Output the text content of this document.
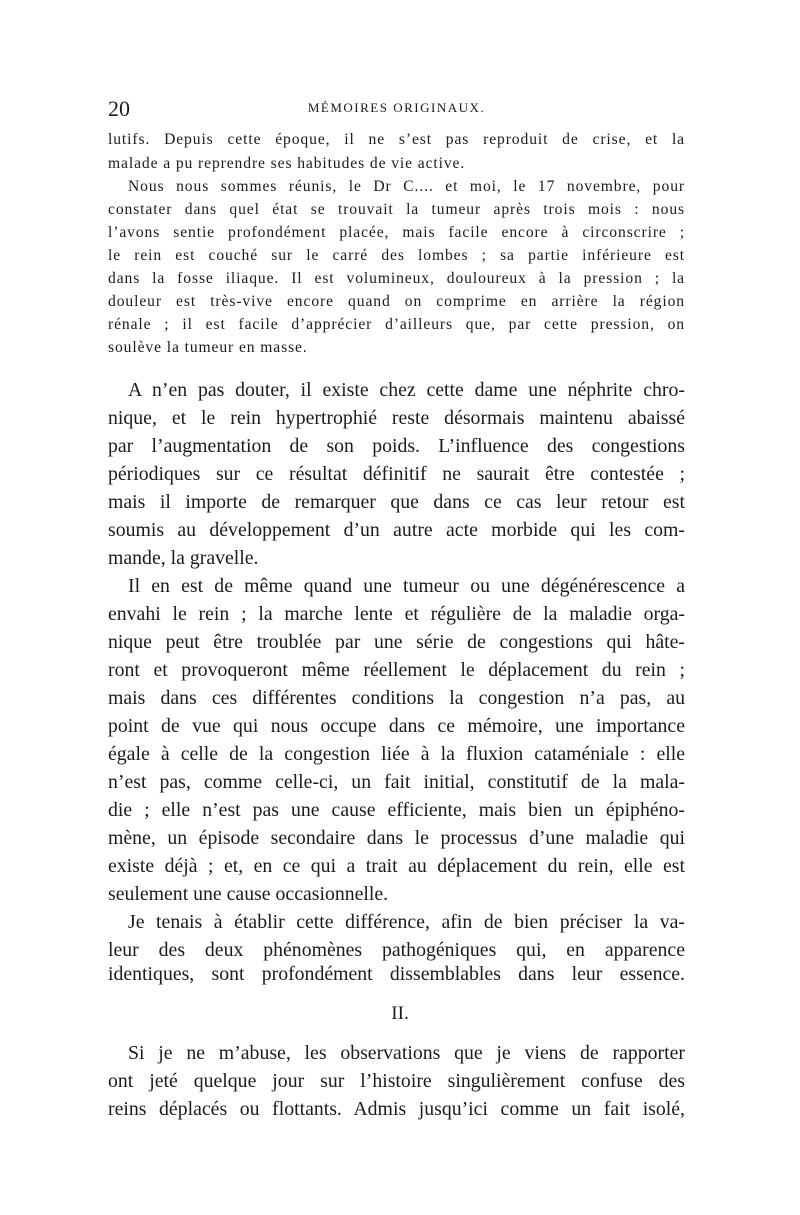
20	MÉMOIRES ORIGINAUX.
lutifs. Depuis cette époque, il ne s’est pas reproduit de crise, et la
malade a pu reprendre ses habitudes de vie active.
Nous nous sommes réunis, le Dr C.... et moi, le 17 novembre, pour
constater dans quel état se trouvait la tumeur après trois mois : nous
l’avons sentie profondément placée, mais facile encore à circonscrire ;
le rein est couché sur le carré des lombes ; sa partie inférieure est
dans la fosse iliaque. Il est volumineux, douloureux à la pression ; la
douleur est très-vive encore quand on comprime en arrière la région
rénale ; il est facile d’apprécier d’ailleurs que, par cette pression, on
soulève la tumeur en masse.
A n’en pas douter, il existe chez cette dame une néphrite chro-
nique, et le rein hypertrophié reste désormais maintenu abaissé
par l’augmentation de son poids. L’influence des congestions
périodiques sur ce résultat définitif ne saurait être contestée ;
mais il importe de remarquer que dans ce cas leur retour est
soumis au développement d’un autre acte morbide qui les com-
mande, la gravelle.
Il en est de même quand une tumeur ou une dégénérescence a
envahi le rein ; la marche lente et régulière de la maladie orga-
nique peut être troublée par une série de congestions qui hâte-
ront et provoqueront même réellement le déplacement du rein ;
mais dans ces différentes conditions la congestion n’a pas, au
point de vue qui nous occupe dans ce mémoire, une importance
égale à celle de la congestion liée à la fluxion cataméniale : elle
n’est pas, comme celle-ci, un fait initial, constitutif de la mala-
die ; elle n’est pas une cause efficiente, mais bien un épiphéno-
mène, un épisode secondaire dans le processus d’une maladie qui
existe déjà ; et, en ce qui a trait au déplacement du rein, elle est
seulement une cause occasionnelle.
Je tenais à établir cette différence, afin de bien préciser la va-
leur des deux phénomènes pathogéniques qui, en apparence
identiques, sont profondément dissemblables dans leur essence.
II.
Si je ne m’abuse, les observations que je viens de rapporter
ont jeté quelque jour sur l’histoire singulièrement confuse des
reins déplacés ou flottants. Admis jusqu’ici comme un fait isolé,
